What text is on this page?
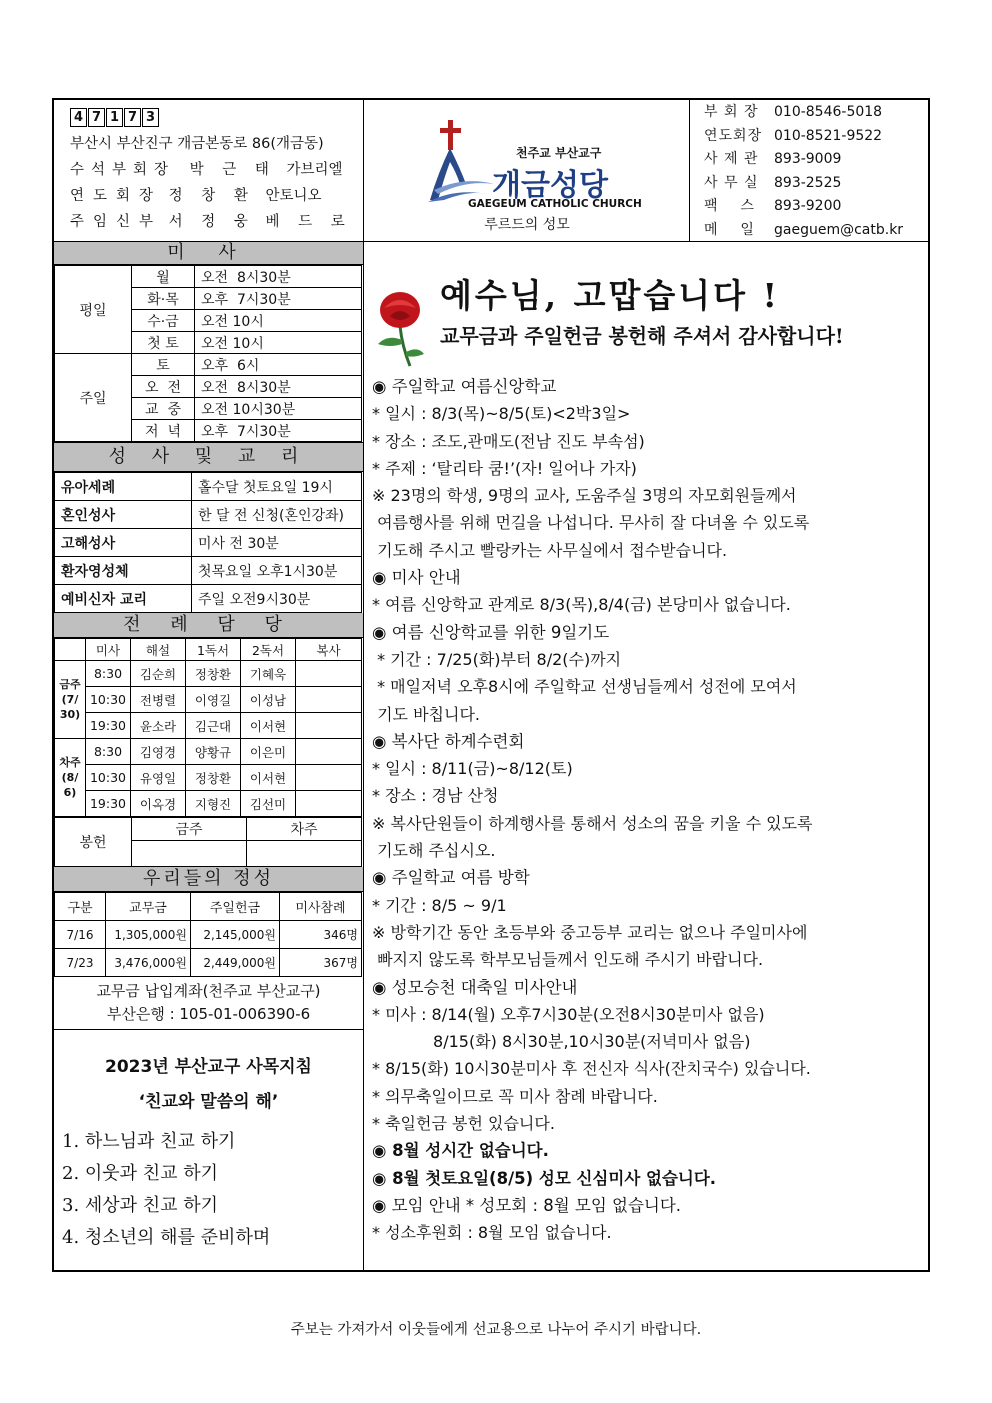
4 7 1 7 3
부산시 부산진구 개금본동로 86(개금동)
수석부회장 박 근 태 가브리엘
연도회장 정 창 환 안토니오
주임신부 서 정 웅 베 드 로
천주교 부산교구
개금성당
GAEGEUM CATHOLIC CHURCH
루르드의 성모
부 회 장 010-8546-5018
연도회장 010-8521-9522
사 제 관 893-9009
사 무 실 893-2525
팩    스 893-9200
메    일 gaeguem@catb.kr
미 사
평일	월	오전  8시30분
	화·목	오후  7시30분
	수·금	오전 10시
	첫 토	오전 10시
주일	토	오후  6시
	오  전	오전  8시30분
	교  중	오전 10시30분
	저  녁	오후  7시30분
성 사 및 교 리
유아세례	홀수달 첫토요일 19시
혼인성사	한 달 전 신청(혼인강좌)
고해성사	미사 전 30분
환자영성체	첫목요일 오후1시30분
예비신자 교리	주일 오전9시30분
전 례 담 당
	미사	해설	1독서	2독서	복사
금주(7/30)	8:30	김순희	정창환	기혜욱	
	10:30	전병렬	이영길	이성남	
	19:30	윤소라	김근대	이서현	
차주(8/6)	8:30	김영경	양황규	이은미	
	10:30	유영일	정창환	이서현	
	19:30	이옥경	지형진	김선미	
봉헌	금주	차주

우리들의 정성
구분	교무금	주일헌금	미사참례
7/16	1,305,000원	2,145,000원	346명
7/23	3,476,000원	2,449,000원	367명
교무금 납입계좌(천주교 부산교구)
부산은행 : 105-01-006390-6
2023년 부산교구 사목지침
‘친교와 말씀의 해’
1. 하느님과 친교 하기
2. 이웃과 친교 하기
3. 세상과 친교 하기
4. 청소년의 해를 준비하며
예수님, 고맙습니다 !
교무금과 주일헌금 봉헌해 주셔서 감사합니다!
◉ 주일학교 여름신앙학교
* 일시 : 8/3(목)~8/5(토)<2박3일>
* 장소 : 조도,관매도(전남 진도 부속섬)
* 주제 : ‘탈리타 쿰!’(자! 일어나 가자)
※ 23명의 학생, 9명의 교사, 도움주실 3명의 자모회원들께서
여름행사를 위해 먼길을 나섭니다. 무사히 잘 다녀올 수 있도록
기도해 주시고 빨랑카는 사무실에서 접수받습니다.
◉ 미사 안내
* 여름 신앙학교 관계로 8/3(목),8/4(금) 본당미사 없습니다.
◉ 여름 신앙학교를 위한 9일기도
* 기간 : 7/25(화)부터 8/2(수)까지
* 매일저녁 오후8시에 주일학교 선생님들께서 성전에 모여서
기도 바칩니다.
◉ 복사단 하계수련회
* 일시 : 8/11(금)~8/12(토)
* 장소 : 경남 산청
※ 복사단원들이 하계행사를 통해서 성소의 꿈을 키울 수 있도록
기도해 주십시오.
◉ 주일학교 여름 방학
* 기간 : 8/5 ~ 9/1
※ 방학기간 동안 초등부와 중고등부 교리는 없으나 주일미사에
빠지지 않도록 학부모님들께서 인도해 주시기 바랍니다.
◉ 성모승천 대축일 미사안내
* 미사 : 8/14(월) 오후7시30분(오전8시30분미사 없음)
8/15(화) 8시30분,10시30분(저녁미사 없음)
* 8/15(화) 10시30분미사 후 전신자 식사(잔치국수) 있습니다.
* 의무축일이므로 꼭 미사 참례 바랍니다.
* 축일헌금 봉헌 있습니다.
◉ 8월 성시간 없습니다.
◉ 8월 첫토요일(8/5) 성모 신심미사 없습니다.
◉ 모임 안내 * 성모회 : 8월 모임 없습니다.
* 성소후원회 : 8월 모임 없습니다.
주보는 가져가서 이웃들에게 선교용으로 나누어 주시기 바랍니다.
